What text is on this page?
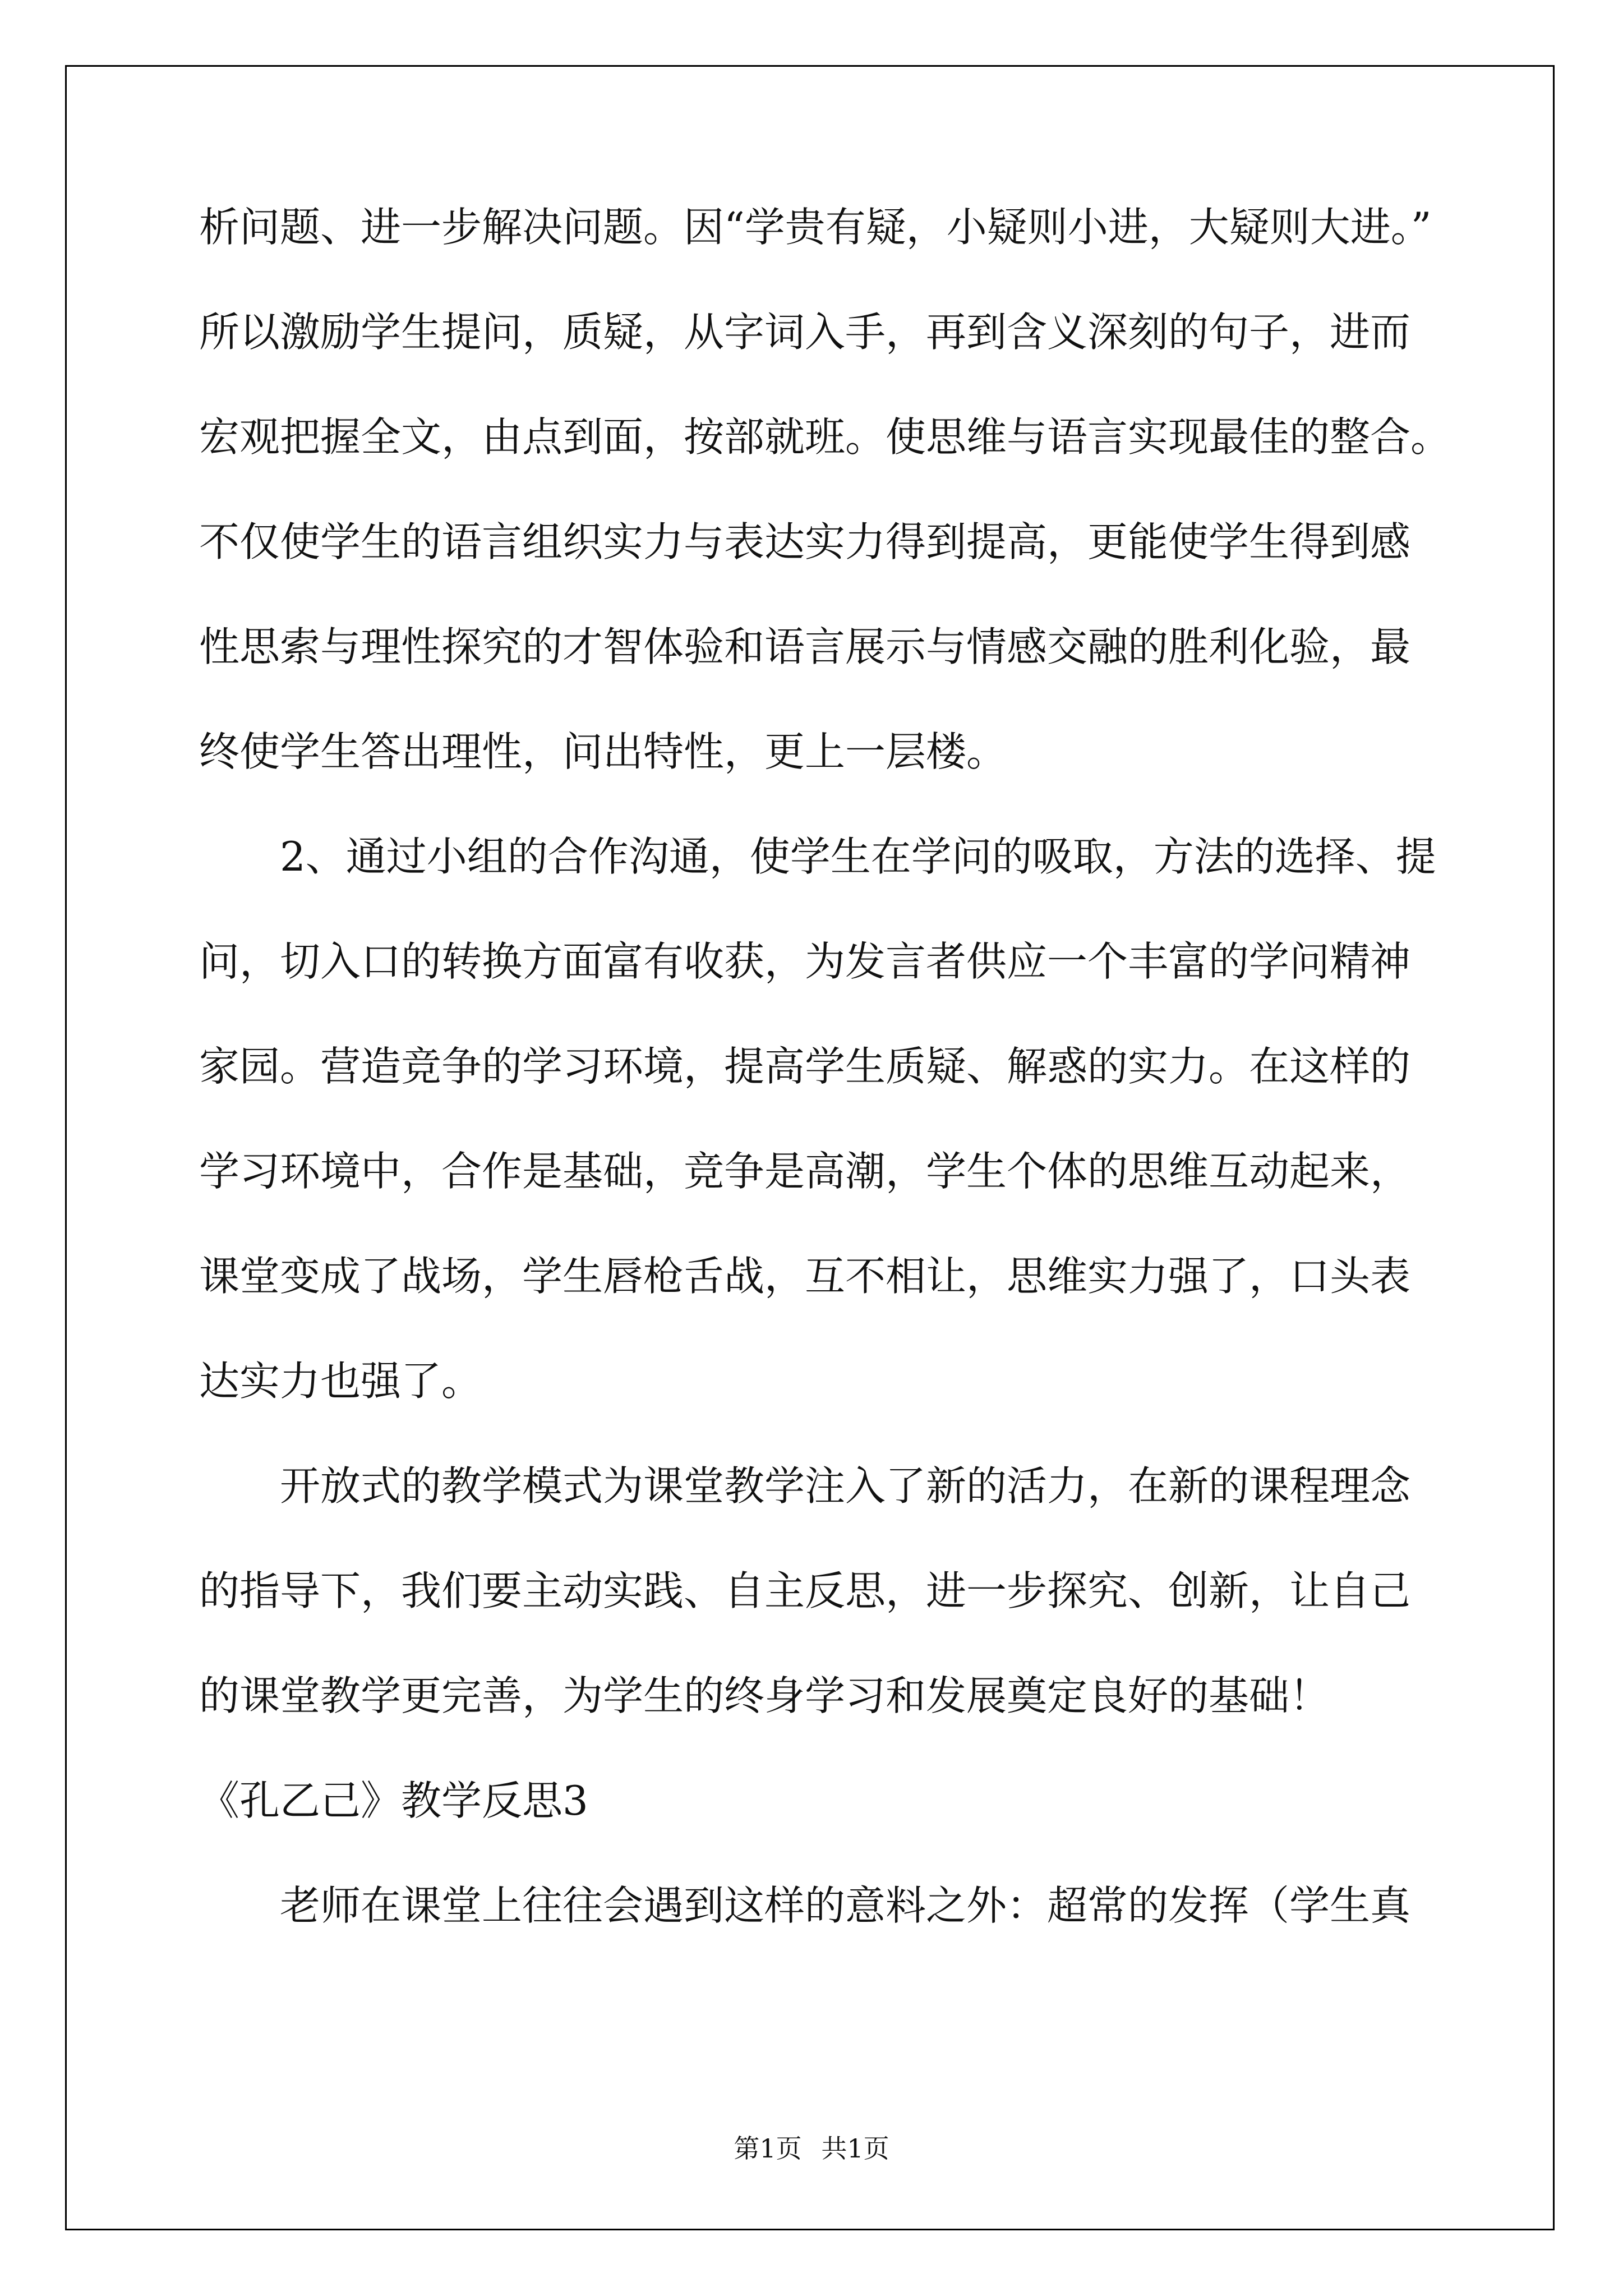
析问题、进一步解决问题。因“学贵有疑，小疑则小进，大疑则大进。”
所以激励学生提问，质疑，从字词入手，再到含义深刻的句子，进而
宏观把握全文，由点到面，按部就班。使思维与语言实现最佳的整合。
不仅使学生的语言组织实力与表达实力得到提高，更能使学生得到感
性思索与理性探究的才智体验和语言展示与情感交融的胜利化验，最
终使学生答出理性，问出特性，更上一层楼。
　　2、通过小组的合作沟通，使学生在学问的吸取，方法的选择、提
问，切入口的转换方面富有收获，为发言者供应一个丰富的学问精神
家园。营造竞争的学习环境，提高学生质疑、解惑的实力。在这样的
学习环境中，合作是基础，竞争是高潮，学生个体的思维互动起来，
课堂变成了战场，学生唇枪舌战，互不相让，思维实力强了，口头表
达实力也强了。
　　开放式的教学模式为课堂教学注入了新的活力，在新的课程理念
的指导下，我们要主动实践、自主反思，进一步探究、创新，让自己
的课堂教学更完善，为学生的终身学习和发展奠定良好的基础！
《孔乙己》教学反思3
　　老师在课堂上往往会遇到这样的意料之外：超常的发挥（学生真
第1页 共1页
